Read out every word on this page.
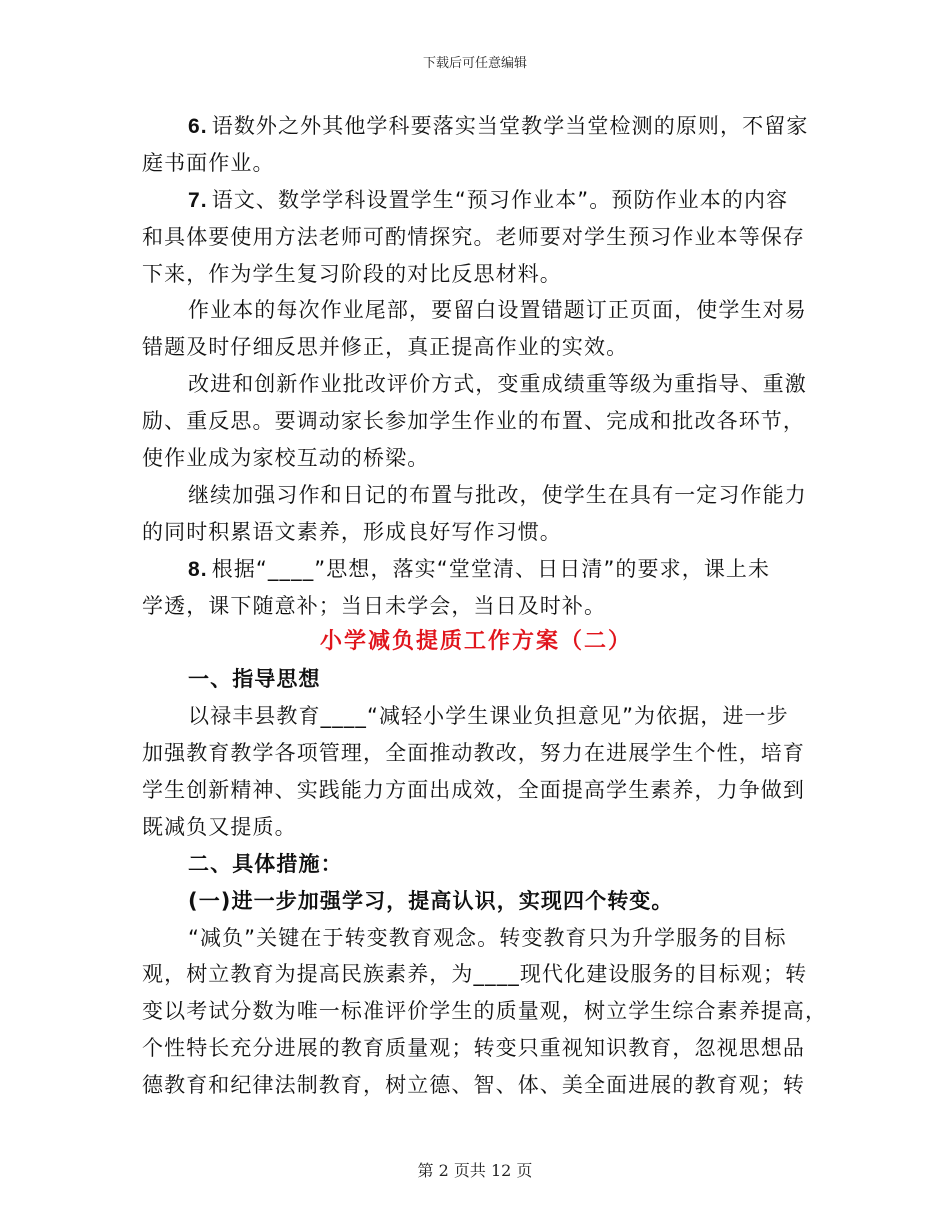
下载后可任意编辑
6. 语数外之外其他学科要落实当堂教学当堂检测的原则，不留家
庭书面作业。
7. 语文、数学学科设置学生“预习作业本”。预防作业本的内容
和具体要使用方法老师可酌情探究。老师要对学生预习作业本等保存
下来，作为学生复习阶段的对比反思材料。
作业本的每次作业尾部，要留白设置错题订正页面，使学生对易
错题及时仔细反思并修正，真正提高作业的实效。
改进和创新作业批改评价方式，变重成绩重等级为重指导、重激
励、重反思。要调动家长参加学生作业的布置、完成和批改各环节，
使作业成为家校互动的桥梁。
继续加强习作和日记的布置与批改，使学生在具有一定习作能力
的同时积累语文素养，形成良好写作习惯。
8. 根据“____”思想，落实“堂堂清、日日清”的要求，课上未
学透，课下随意补；当日未学会，当日及时补。
小学减负提质工作方案（二）
一、指导思想
以禄丰县教育____“减轻小学生课业负担意见”为依据，进一步
加强教育教学各项管理，全面推动教改，努力在进展学生个性，培育
学生创新精神、实践能力方面出成效，全面提高学生素养，力争做到
既减负又提质。
二、具体措施：
(一)进一步加强学习，提高认识，实现四个转变。
“减负”关键在于转变教育观念。转变教育只为升学服务的目标
观，树立教育为提高民族素养，为____现代化建设服务的目标观；转
变以考试分数为唯一标准评价学生的质量观，树立学生综合素养提高，
个性特长充分进展的教育质量观；转变只重视知识教育，忽视思想品
德教育和纪律法制教育，树立德、智、体、美全面进展的教育观；转
第 2 页共 12 页
